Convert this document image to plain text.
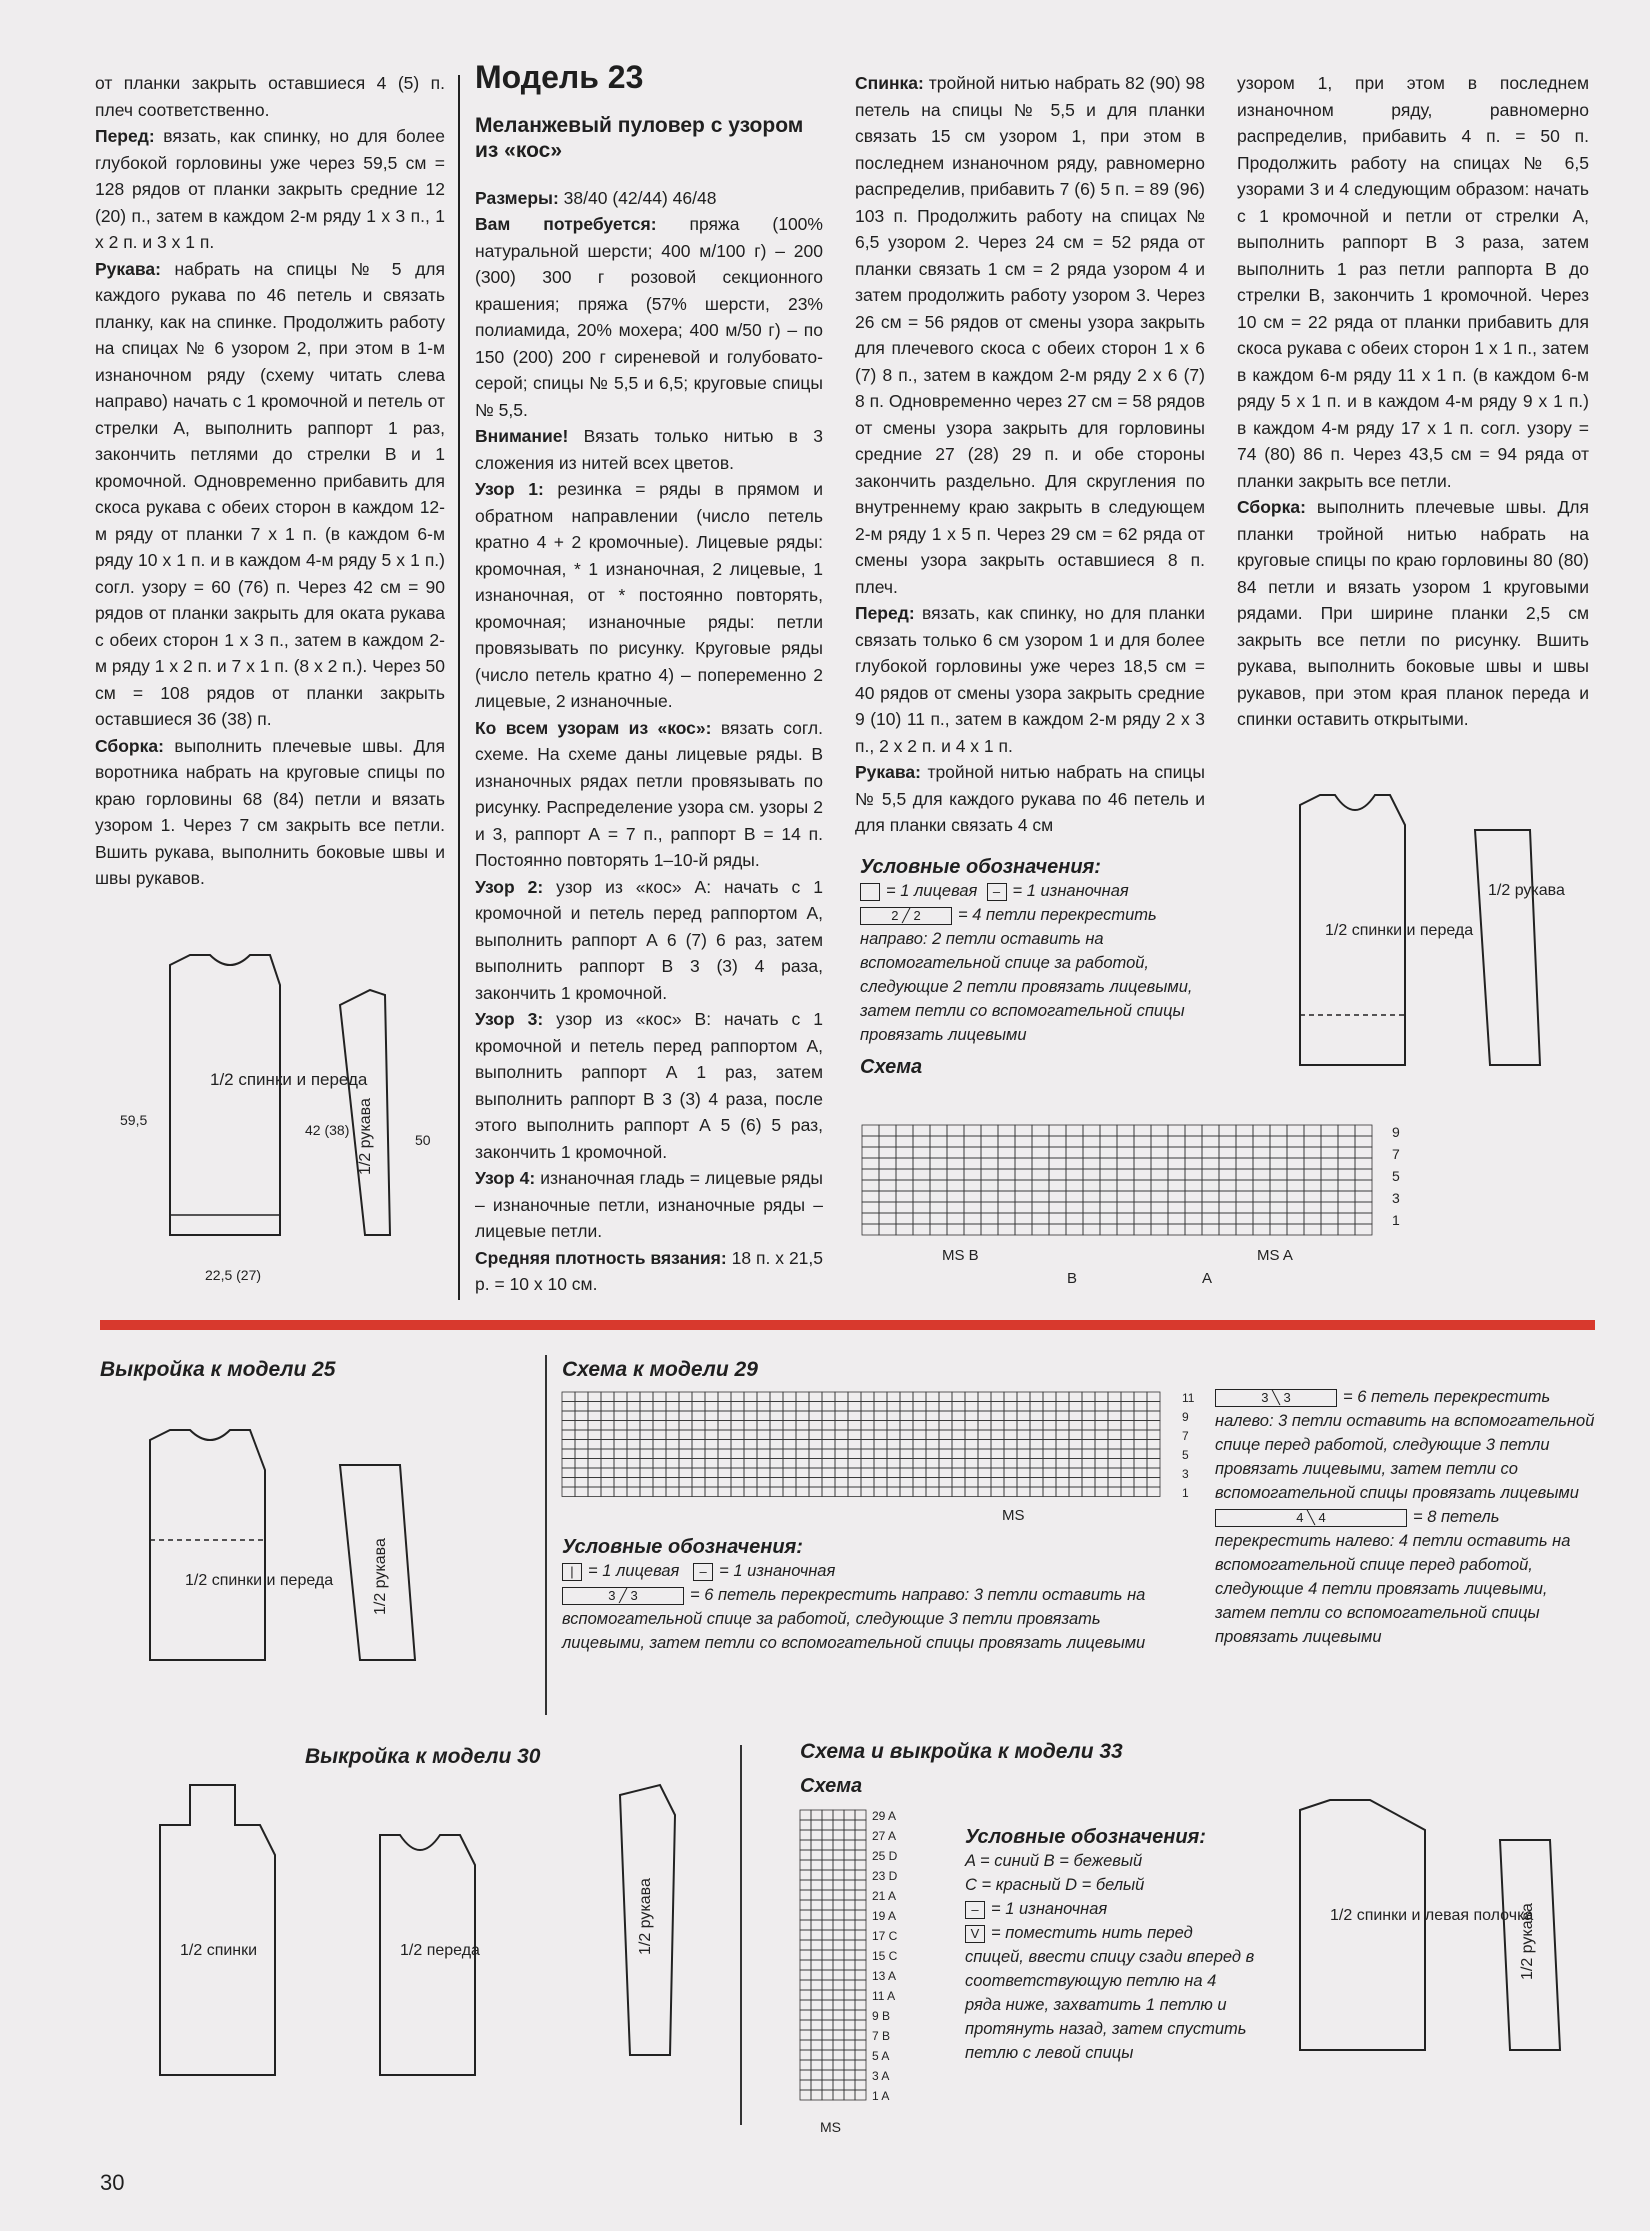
от планки закрыть оставшиеся 4 (5) п. плеч соответственно.

Перед: вязать, как спинку, но для более глубокой горловины уже через 59,5 см = 128 рядов от планки закрыть средние 12 (20) п., затем в каждом 2-м ряду 1 х 3 п., 1 х 2 п. и 3 х 1 п.

Рукава: набрать на спицы № 5 для каждого рукава по 46 петель и связать планку, как на спинке. Продолжить работу на спицах № 6 узором 2, при этом в 1-м изнаночном ряду (схему читать слева направо) начать с 1 кромочной и петель от стрелки А, выполнить раппорт 1 раз, закончить петлями до стрелки В и 1 кромочной. Одновременно прибавить для скоса рукава с обеих сторон в каждом 12-м ряду от планки 7 х 1 п. (в каждом 6-м ряду 10 х 1 п. и в каждом 4-м ряду 5 х 1 п.) согл. узору = 60 (76) п. Через 42 см = 90 рядов от планки закрыть для оката рукава с обеих сторон 1 х 3 п., затем в каждом 2-м ряду 1 х 2 п. и 7 х 1 п. (8 х 2 п.). Через 50 см = 108 рядов от планки закрыть оставшиеся 36 (38) п.

Сборка: выполнить плечевые швы. Для воротника набрать на круговые спицы по краю горловины 68 (84) петли и вязать узором 1. Через 7 см закрыть все петли. Вшить рукава, выполнить боковые швы и швы рукавов.

Модель 23
Меланжевый пуловер с узором из «кос»

Размеры: 38/40 (42/44) 46/48

Вам потребуется: пряжа (100% натуральной шерсти; 400 м/100 г) – 200 (300) 300 г розовой секционного крашения; пряжа (57% шерсти, 23% полиамида, 20% мохера; 400 м/50 г) – по 150 (200) 200 г сиреневой и голубовато-серой; спицы № 5,5 и 6,5; круговые спицы № 5,5.

Внимание! Вязать только нитью в 3 сложения из нитей всех цветов.

Узор 1: резинка = ряды в прямом и обратном направлении (число петель кратно 4 + 2 кромочные). Лицевые ряды: кромочная, * 1 изнаночная, 2 лицевые, 1 изнаночная, от * постоянно повторять, кромочная; изнаночные ряды: петли провязывать по рисунку. Круговые ряды (число петель кратно 4) – попеременно 2 лицевые, 2 изнаночные.

Ко всем узорам из «кос»: вязать согл. схеме. На схеме даны лицевые ряды. В изнаночных рядах петли провязывать по рисунку. Распределение узора см. узоры 2 и 3, раппорт А = 7 п., раппорт В = 14 п. Постоянно повторять 1–10-й ряды.

Узор 2: узор из «кос» А: начать с 1 кромочной и петель перед раппортом А, выполнить раппорт А 6 (7) 6 раз, затем выполнить раппорт В 3 (3) 4 раза, закончить 1 кромочной.

Узор 3: узор из «кос» В: начать с 1 кромочной и петель перед раппортом А, выполнить раппорт А 1 раз, затем выполнить раппорт В 3 (3) 4 раза, после этого выполнить раппорт А 5 (6) 5 раз, закончить 1 кромочной.

Узор 4: изнаночная гладь = лицевые ряды – изнаночные петли, изнаночные ряды – лицевые петли.

Средняя плотность вязания: 18 п. х 21,5 р. = 10 х 10 см.

Спинка: тройной нитью набрать 82 (90) 98 петель на спицы № 5,5 и для планки связать 15 см узором 1, при этом в последнем изнаночном ряду, равномерно распределив, прибавить 7 (6) 5 п. = 89 (96) 103 п. Продолжить работу на спицах № 6,5 узором 2. Через 24 см = 52 ряда от планки связать 1 см = 2 ряда узором 4 и затем продолжить работу узором 3. Через 26 см = 56 рядов от смены узора закрыть для плечевого скоса с обеих сторон 1 х 6 (7) 8 п., затем в каждом 2-м ряду 2 х 6 (7) 8 п. Одновременно через 27 см = 58 рядов от смены узора закрыть для горловины средние 27 (28) 29 п. и обе стороны закончить раздельно. Для скругления по внутреннему краю закрыть в следующем 2-м ряду 1 х 5 п. Через 29 см = 62 ряда от смены узора закрыть оставшиеся 8 п. плеч.

Перед: вязать, как спинку, но для планки связать только 6 см узором 1 и для более глубокой горловины уже через 18,5 см = 40 рядов от смены узора закрыть средние 9 (10) 11 п., затем в каждом 2-м ряду 2 х 3 п., 2 х 2 п. и 4 х 1 п.

Рукава: тройной нитью набрать на спицы № 5,5 для каждого рукава по 46 петель и для планки связать 4 см

узором 1, при этом в последнем изнаночном ряду, равномерно распределив, прибавить 4 п. = 50 п. Продолжить работу на спицах № 6,5 узорами 3 и 4 следующим образом: начать с 1 кромочной и петли от стрелки А, выполнить раппорт В 3 раза, затем выполнить 1 раз петли раппорта В до стрелки В, закончить 1 кромочной. Через 10 см = 22 ряда от планки прибавить для скоса рукава с обеих сторон 1 х 1 п., затем в каждом 6-м ряду 11 х 1 п. (в каждом 6-м ряду 5 х 1 п. и в каждом 4-м ряду 9 х 1 п.) в каждом 4-м ряду 17 х 1 п. согл. узору = 74 (80) 86 п. Через 43,5 см = 94 ряда от планки закрыть все петли.

Сборка: выполнить плечевые швы. Для планки тройной нитью набрать на круговые спицы по краю горловины 80 (80) 84 петли и вязать узором 1 круговыми рядами. При ширине планки 2,5 см закрыть все петли по рисунку. Вшить рукава, выполнить боковые швы и швы рукавов, при этом края планок переда и спинки оставить открытыми.

Условные обозначения:
= 1 лицевая – = 1 изнаночная
2 ╱ 2 = 4 петли перекрестить направо: 2 петли оставить на вспомогательной спице за работой, следующие 2 петли провязать лицевыми, затем петли со вспомогательной спицы провязать лицевыми
Схема
9
7
5
3
1
MS B	MS A
B	A
1/2 спинки и переда
59,5
42 (38)
22,5 (27)
1/2 рукава	50
1/2 спинки и переда
1/2 рукава
Выкройка к модели 25
1/2 спинки и переда 1/2 рукава
Схема к модели 29
11
9
7
5
3
1
MS
Условные обозначения:
| = 1 лицевая – = 1 изнаночная
3 ╱ 3	= 6 петель перекрестить направо: 3 петли оставить на вспомогательной спице за работой, следующие 3 петли провязать лицевыми, затем петли со вспомогательной спицы провязать лицевыми
3 ╲ 3	= 6 петель перекрестить налево: 3 петли оставить на вспомогательной спице перед работой, следующие 3 петли провязать лицевыми, затем петли со вспомогательной спицы провязать лицевыми
4 ╲ 4	= 8 петель перекрестить налево: 4 петли оставить на вспомогательной спице перед работой, следующие 4 петли провязать лицевыми, затем петли со вспомогательной спицы провязать лицевыми
Выкройка к модели 30
1/2 спинки	1/2 переда	1/2 рукава
Схема и выкройка к модели 33
Схема
29 A
27 A
25 D
23 D
21 A
19 A
17 C
15 C
13 A
11 A
9 B
7 B
5 A
3 A
1 A
MS
Условные обозначения:
A = синий B = бежевый
C = красный D = белый
– = 1 изнаночная
V = поместить нить перед спицей, ввести спицу сзади вперед в соответствующую петлю на 4 ряда ниже, захватить 1 петлю и протянуть назад, затем спустить петлю с левой спицы
1/2 спинки и левая полочка
1/2 рукава
30
